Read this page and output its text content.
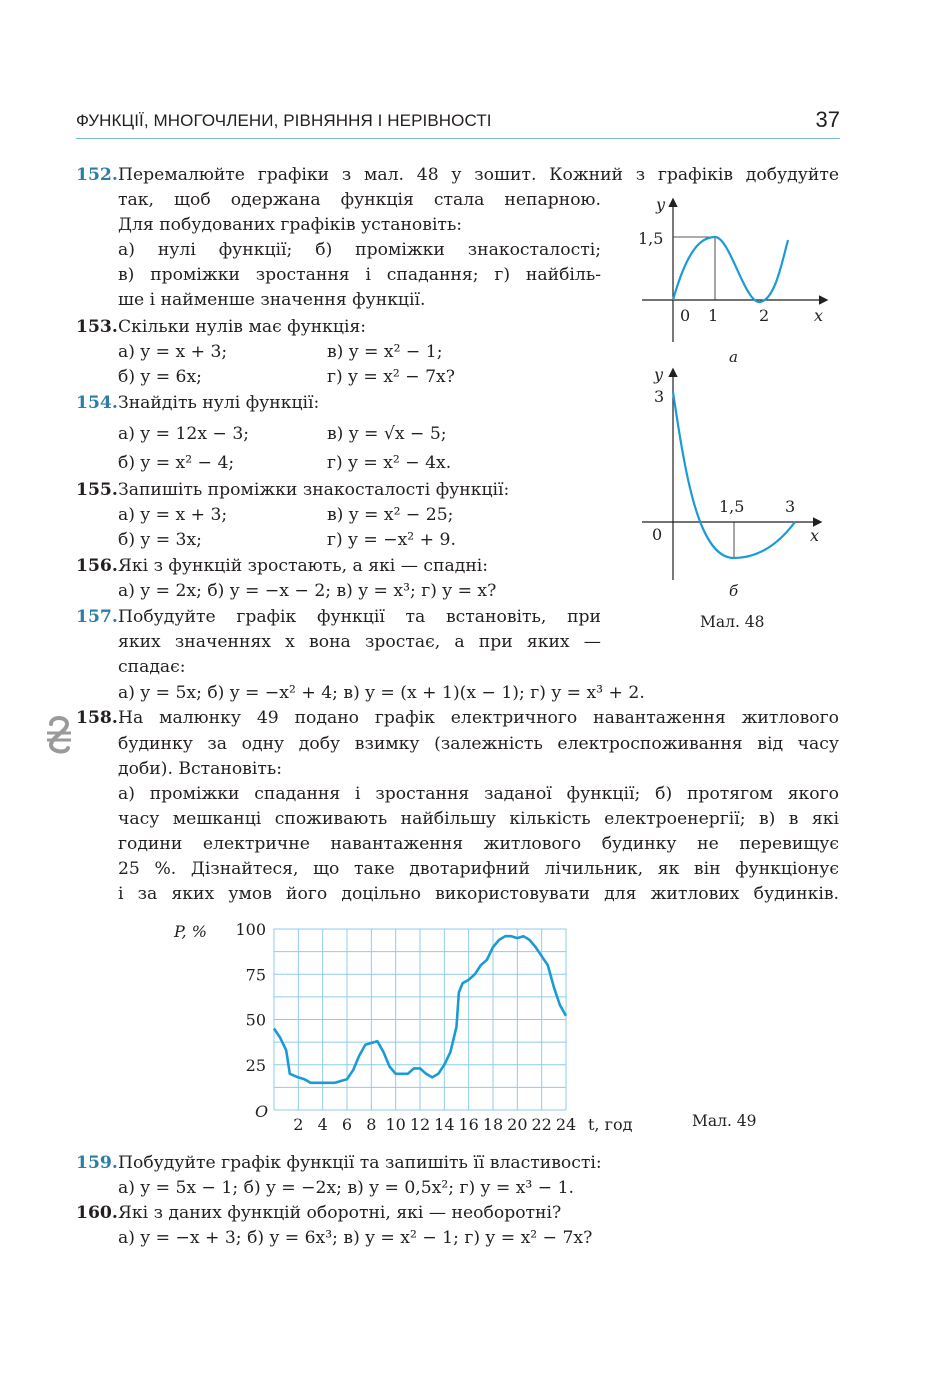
ФУНКЦІЇ, МНОГОЧЛЕНИ, РІВНЯННЯ І НЕРІВНОСТІ	37
152. Перемалюйте графіки з мал. 48 у зошит. Кожний з графіків добудуйте
так, щоб одержана функція стала непарною.
Для побудованих графіків установіть:
а) нулі функції; б) проміжки знакосталості;
в) проміжки зростання і спадання; г) найбіль-
ше і найменше значення функції.
153. Скільки нулів має функція:
а) y = x + 3;	в) y = x² − 1;
б) y = 6x;	г) y = x² − 7x?
154. Знайдіть нулі функції:
а) y = 12x − 3;	в) y = √x − 5;
б) y = x² − 4;	г) y = x² − 4x.
155. Запишіть проміжки знакосталості функції:
а) y = x + 3;	в) y = x² − 25;
б) y = 3x;	г) y = −x² + 9.
156. Які з функцій зростають, а які — спадні:
а) y = 2x; б) y = −x − 2; в) y = x³; г) y = x?
157. Побудуйте графік функції та встановіть, при
яких значеннях x вона зростає, а при яких —
спадає:
а) y = 5x; б) y = −x² + 4; в) y = (x + 1)(x − 1); г) y = x³ + 2.
158. На малюнку 49 подано графік електричного навантаження житлового
будинку за одну добу взимку (залежність електроспоживання від часу
доби). Встановіть:
а) проміжки спадання і зростання заданої функції; б) протягом якого
часу мешканці споживають найбільшу кількість електроенергії; в) в які
години електричне навантаження житлового будинку не перевищує
25 %. Дізнайтеся, що таке двотарифний лічильник, як він функціонує
і за яких умов його доцільно використовувати для житлових будинків.
159. Побудуйте графік функції та запишіть її властивості:
а) y = 5x − 1; б) y = −2x; в) y = 0,5x²; г) y = x³ − 1.
160. Які з даних функцій оборотні, які — необоротні?
а) y = −x + 3; б) y = 6x³; в) y = x² − 1; г) y = x² − 7x?
y
1,5
0 1	2	x
а
y
3
0
1,5	3
x
б
Мал. 48
2 4 6 8 10 12 14 16 18 20 22 24
25
50
75
100
P, %
t, год
O	Мал. 49
